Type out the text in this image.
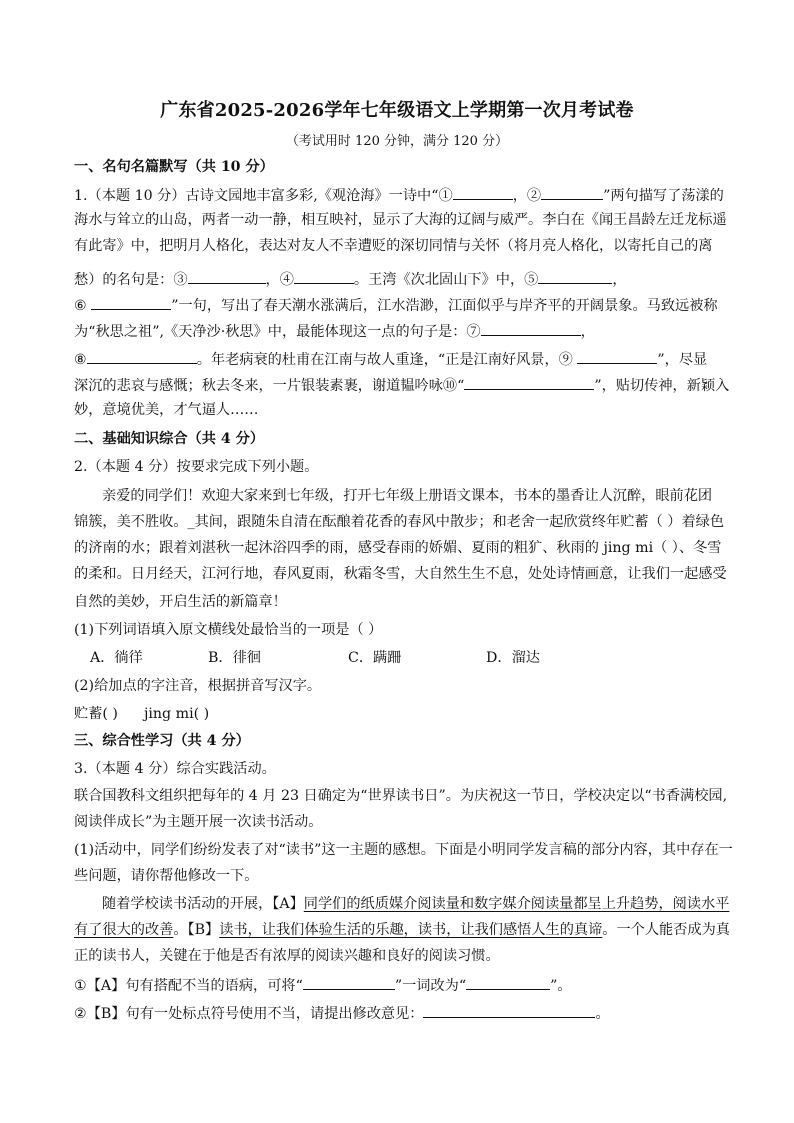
广东省2025-2026学年七年级语文上学期第一次月考试卷
（考试用时 120 分钟，满分 120 分）
一、名句名篇默写（共 10 分）
1.（本题 10 分）古诗文园地丰富多彩,《观沧海》一诗中“①	，②	”两句描写了荡漾的
海水与耸立的山岛，两者一动一静，相互映衬，显示了大海的辽阔与威严。李白在《闻王昌龄左迁龙标遥
有此寄》中，把明月人格化，表达对友人不幸遭贬的深切同情与关怀（将月亮人格化，以寄托自己的离
愁）的名句是：③	，④	。王湾《次北固山下》中，⑤	，
⑥	”一句，写出了春天潮水涨满后，江水浩渺，江面似乎与岸齐平的开阔景象。马致远被称
为“秋思之祖”,《天净沙·秋思》中，最能体现这一点的句子是：⑦	，
⑧	。年老病衰的杜甫在江南与故人重逢，“正是江南好风景，⑨	”，尽显
深沉的悲哀与感慨；秋去冬来，一片银装素裹，谢道韫吟咏⑩“	”，贴切传神，新颖入
妙，意境优美，才气逼人……
二、基础知识综合（共 4 分）
2.（本题 4 分）按要求完成下列小题。
亲爱的同学们！欢迎大家来到七年级，打开七年级上册语文课本，书本的墨香让人沉醉，眼前花团
锦簇，美不胜收。_其间，跟随朱自清在酝酿着花香的春风中散步；和老舍一起欣赏终年贮蓄（ ）着绿色
的济南的水；跟着刘湛秋一起沐浴四季的雨，感受春雨的娇媚、夏雨的粗犷、秋雨的 jing mi（ ）、冬雪
的柔和。日月经天，江河行地，春风夏雨，秋霜冬雪，大自然生生不息，处处诗情画意，让我们一起感受
自然的美妙，开启生活的新篇章！
(1)下列词语填入原文横线处最恰当的一项是（ ）
A．徜徉	B．徘徊	C．蹒跚	D．溜达
(2)给加点的字注音，根据拼音写汉字。
贮蓄( ) jing mi( )
三、综合性学习（共 4 分）
3.（本题 4 分）综合实践活动。
联合国教科文组织把每年的 4 月 23 日确定为“世界读书日”。为庆祝这一节日，学校决定以“书香满校园,
阅读伴成长”为主题开展一次读书活动。
(1)活动中，同学们纷纷发表了对“读书”这一主题的感想。下面是小明同学发言稿的部分内容，其中存在一
些问题，请你帮他修改一下。
随着学校读书活动的开展，【A】同学们的纸质媒介阅读量和数字媒介阅读量都呈上升趋势，阅读水平
有了很大的改善。【B】读书，让我们体验生活的乐趣，读书，让我们感悟人生的真谛。一个人能否成为真
正的读书人，关键在于他是否有浓厚的阅读兴趣和良好的阅读习惯。
①【A】句有搭配不当的语病，可将“	”一词改为“	”。
②【B】句有一处标点符号使用不当，请提出修改意见：	。
